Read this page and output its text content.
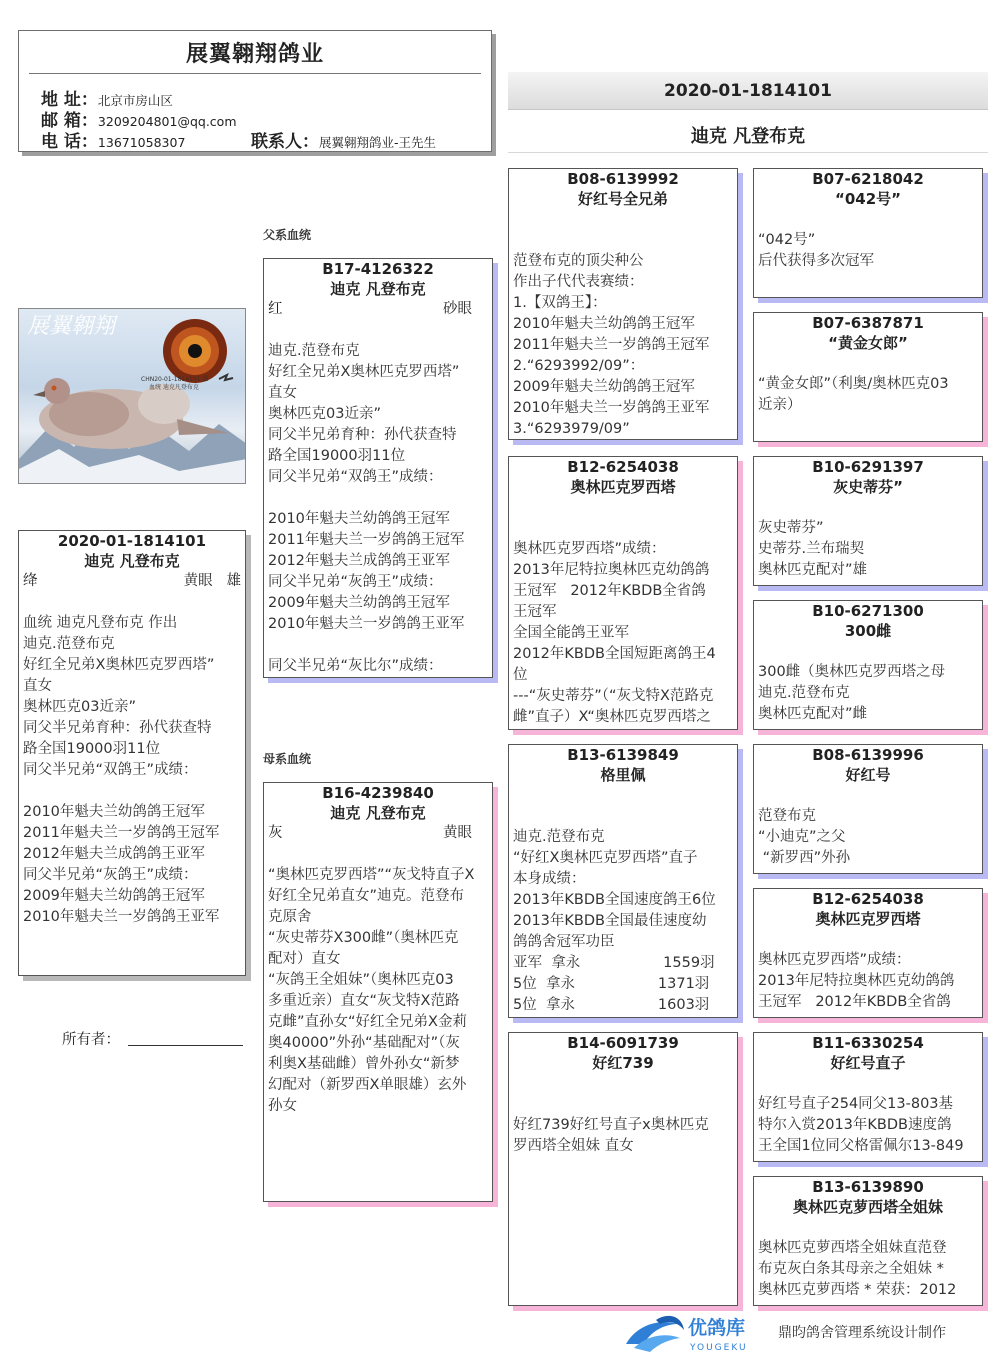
展翼翱翔鸽业
地 址：北京市房山区
邮 箱：3209204801@qq.com
电 话：13671058307	联系人：展翼翱翔鸽业-王先生
2020-01-1814101
迪克 凡登布克
父系血统
母系血统
展翼翱翔
CHN20-01-1814101 雄
血统 迪克凡登布克
2020-01-1814101
迪克 凡登布克
绛	黄眼 雄

血统 迪克凡登布克 作出
迪克.范登布克
好红全兄弟X奥林匹克罗西塔”
直女
奥林匹克03近亲”
同父半兄弟育种：孙代获查特
路全国19000羽11位
同父半兄弟“双鸽王”成绩：

2010年魁夫兰幼鸽鸽王冠军
2011年魁夫兰一岁鸽鸽王冠军
2012年魁夫兰成鸽鸽王亚军
同父半兄弟“灰鸽王”成绩：
2009年魁夫兰幼鸽鸽王冠军
2010年魁夫兰一岁鸽鸽王亚军
所有者：
B17-4126322
迪克 凡登布克
红	砂眼

迪克.范登布克
好红全兄弟X奥林匹克罗西塔”
直女
奥林匹克03近亲”
同父半兄弟育种：孙代获查特
路全国19000羽11位
同父半兄弟“双鸽王”成绩：

2010年魁夫兰幼鸽鸽王冠军
2011年魁夫兰一岁鸽鸽王冠军
2012年魁夫兰成鸽鸽王亚军
同父半兄弟“灰鸽王”成绩：
2009年魁夫兰幼鸽鸽王冠军
2010年魁夫兰一岁鸽鸽王亚军

同父半兄弟“灰比尔”成绩：
B16-4239840
迪克 凡登布克
灰	黄眼

“奥林匹克罗西塔”“灰戈特直子X
好红全兄弟直女”迪克。范登布
克原舍
“灰史蒂芬X300雌”（奥林匹克
配对）直女
“灰鸽王全姐妹”（奥林匹克03
多重近亲）直女“灰戈特X范路
克雌”直孙女“好红全兄弟X金莉
奥40000”外孙“基础配对”（灰
利奥X基础雌）曾外孙女“新梦
幻配对（新罗西X单眼雄）玄外
孙女
B08-6139992
好红号全兄弟

范登布克的顶尖种公
作出子代代表赛绩：
1.【双鸽王】：
2010年魁夫兰幼鸽鸽王冠军
2011年魁夫兰一岁鸽鸽王冠军
2.“6293992/09”：
2009年魁夫兰幼鸽鸽王冠军
2010年魁夫兰一岁鸽鸽王亚军
3.“6293979/09”
B12-6254038
奥林匹克罗西塔

奥林匹克罗西塔”成绩：
2013年尼特拉奥林匹克幼鸽鸽
王冠军   2012年KBDB全省鸽
王冠军
全国全能鸽王亚军
2012年KBDB全国短距离鸽王4
位
---“灰史蒂芬”（“灰戈特X范路克
雌”直子）X“奥林匹克罗西塔之
B13-6139849
格里佩

迪克.范登布克
“好红X奥林匹克罗西塔”直子
本身成绩：
2013年KBDB全国速度鸽王6位
2013年KBDB全国最佳速度幼
鸽鸽舍冠军功臣
亚军  拿永                  1559羽
5位  拿永                  1371羽
5位  拿永                  1603羽
B14-6091739
好红739

好红739好红号直子x奥林匹克
罗西塔全姐妹 直女
B07-6218042
“042号”

“042号”
后代获得多次冠军
B07-6387871
“黄金女郎”

“黄金女郎”（利奥/奥林匹克03
近亲）
B10-6291397
灰史蒂芬”

灰史蒂芬”
史蒂芬.兰布瑞契
奥林匹克配对”雄
B10-6271300
300雌

300雌（奥林匹克罗西塔之母
迪克.范登布克
奥林匹克配对”雌
B08-6139996
好红号

范登布克
“小迪克”之父
“新罗西”外孙
B12-6254038
奥林匹克罗西塔

奥林匹克罗西塔”成绩：
2013年尼特拉奥林匹克幼鸽鸽
王冠军   2012年KBDB全省鸽
B11-6330254
好红号直子

好红号直子254同父13-803基
特尔入赏2013年KBDB速度鸽
王全国1位同父格雷佩尔13-849
B13-6139890
奥林匹克萝西塔全姐妹

奥林匹克萝西塔全姐妹直范登
布克灰白条其母亲之全姐妹 *
奥林匹克萝西塔 * 荣获：2012
优鸽库
YOUGEKU
鼎昀鸽舍管理系统设计制作
